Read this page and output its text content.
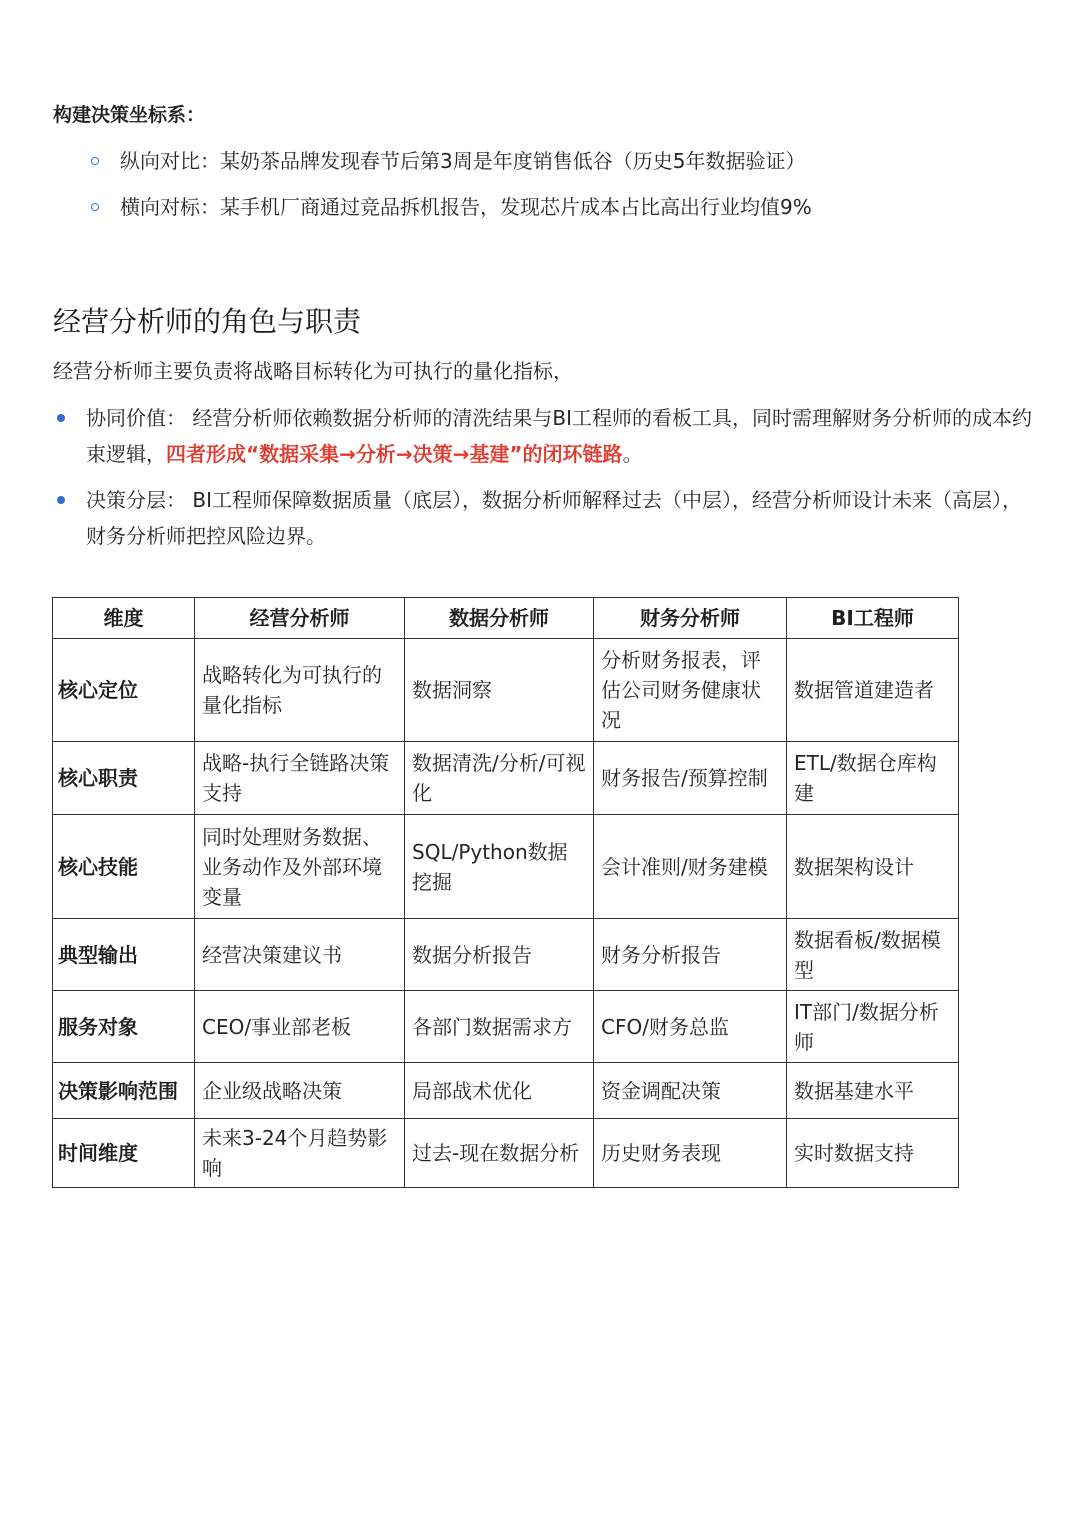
构建决策坐标系：
纵向对比：某奶茶品牌发现春节后第3周是年度销售低谷（历史5年数据验证）
横向对标：某手机厂商通过竞品拆机报告，发现芯片成本占比高出行业均值9%
经营分析师的角色与职责
经营分析师主要负责将战略目标转化为可执行的量化指标，
协同价值： 经营分析师依赖数据分析师的清洗结果与BI工程师的看板工具，同时需理解财务分析师的成本约束逻辑，四者形成“数据采集→分析→决策→基建”的闭环链路。
决策分层： BI工程师保障数据质量（底层），数据分析师解释过去（中层），经营分析师设计未来（高层），财务分析师把控风险边界。
维度	经营分析师	数据分析师	财务分析师	BI工程师
核心定位	战略转化为可执行的量化指标	数据洞察	分析财务报表，评估公司财务健康状况	数据管道建造者
核心职责	战略-执行全链路决策支持	数据清洗/分析/可视化	财务报告/预算控制	ETL/数据仓库构建
核心技能	同时处理财务数据、业务动作及外部环境变量	SQL/Python数据挖掘	会计准则/财务建模	数据架构设计
典型输出	经营决策建议书	数据分析报告	财务分析报告	数据看板/数据模型
服务对象	CEO/事业部老板	各部门数据需求方	CFO/财务总监	IT部门/数据分析师
决策影响范围	企业级战略决策	局部战术优化	资金调配决策	数据基建水平
时间维度	未来3-24个月趋势影响	过去-现在数据分析	历史财务表现	实时数据支持
